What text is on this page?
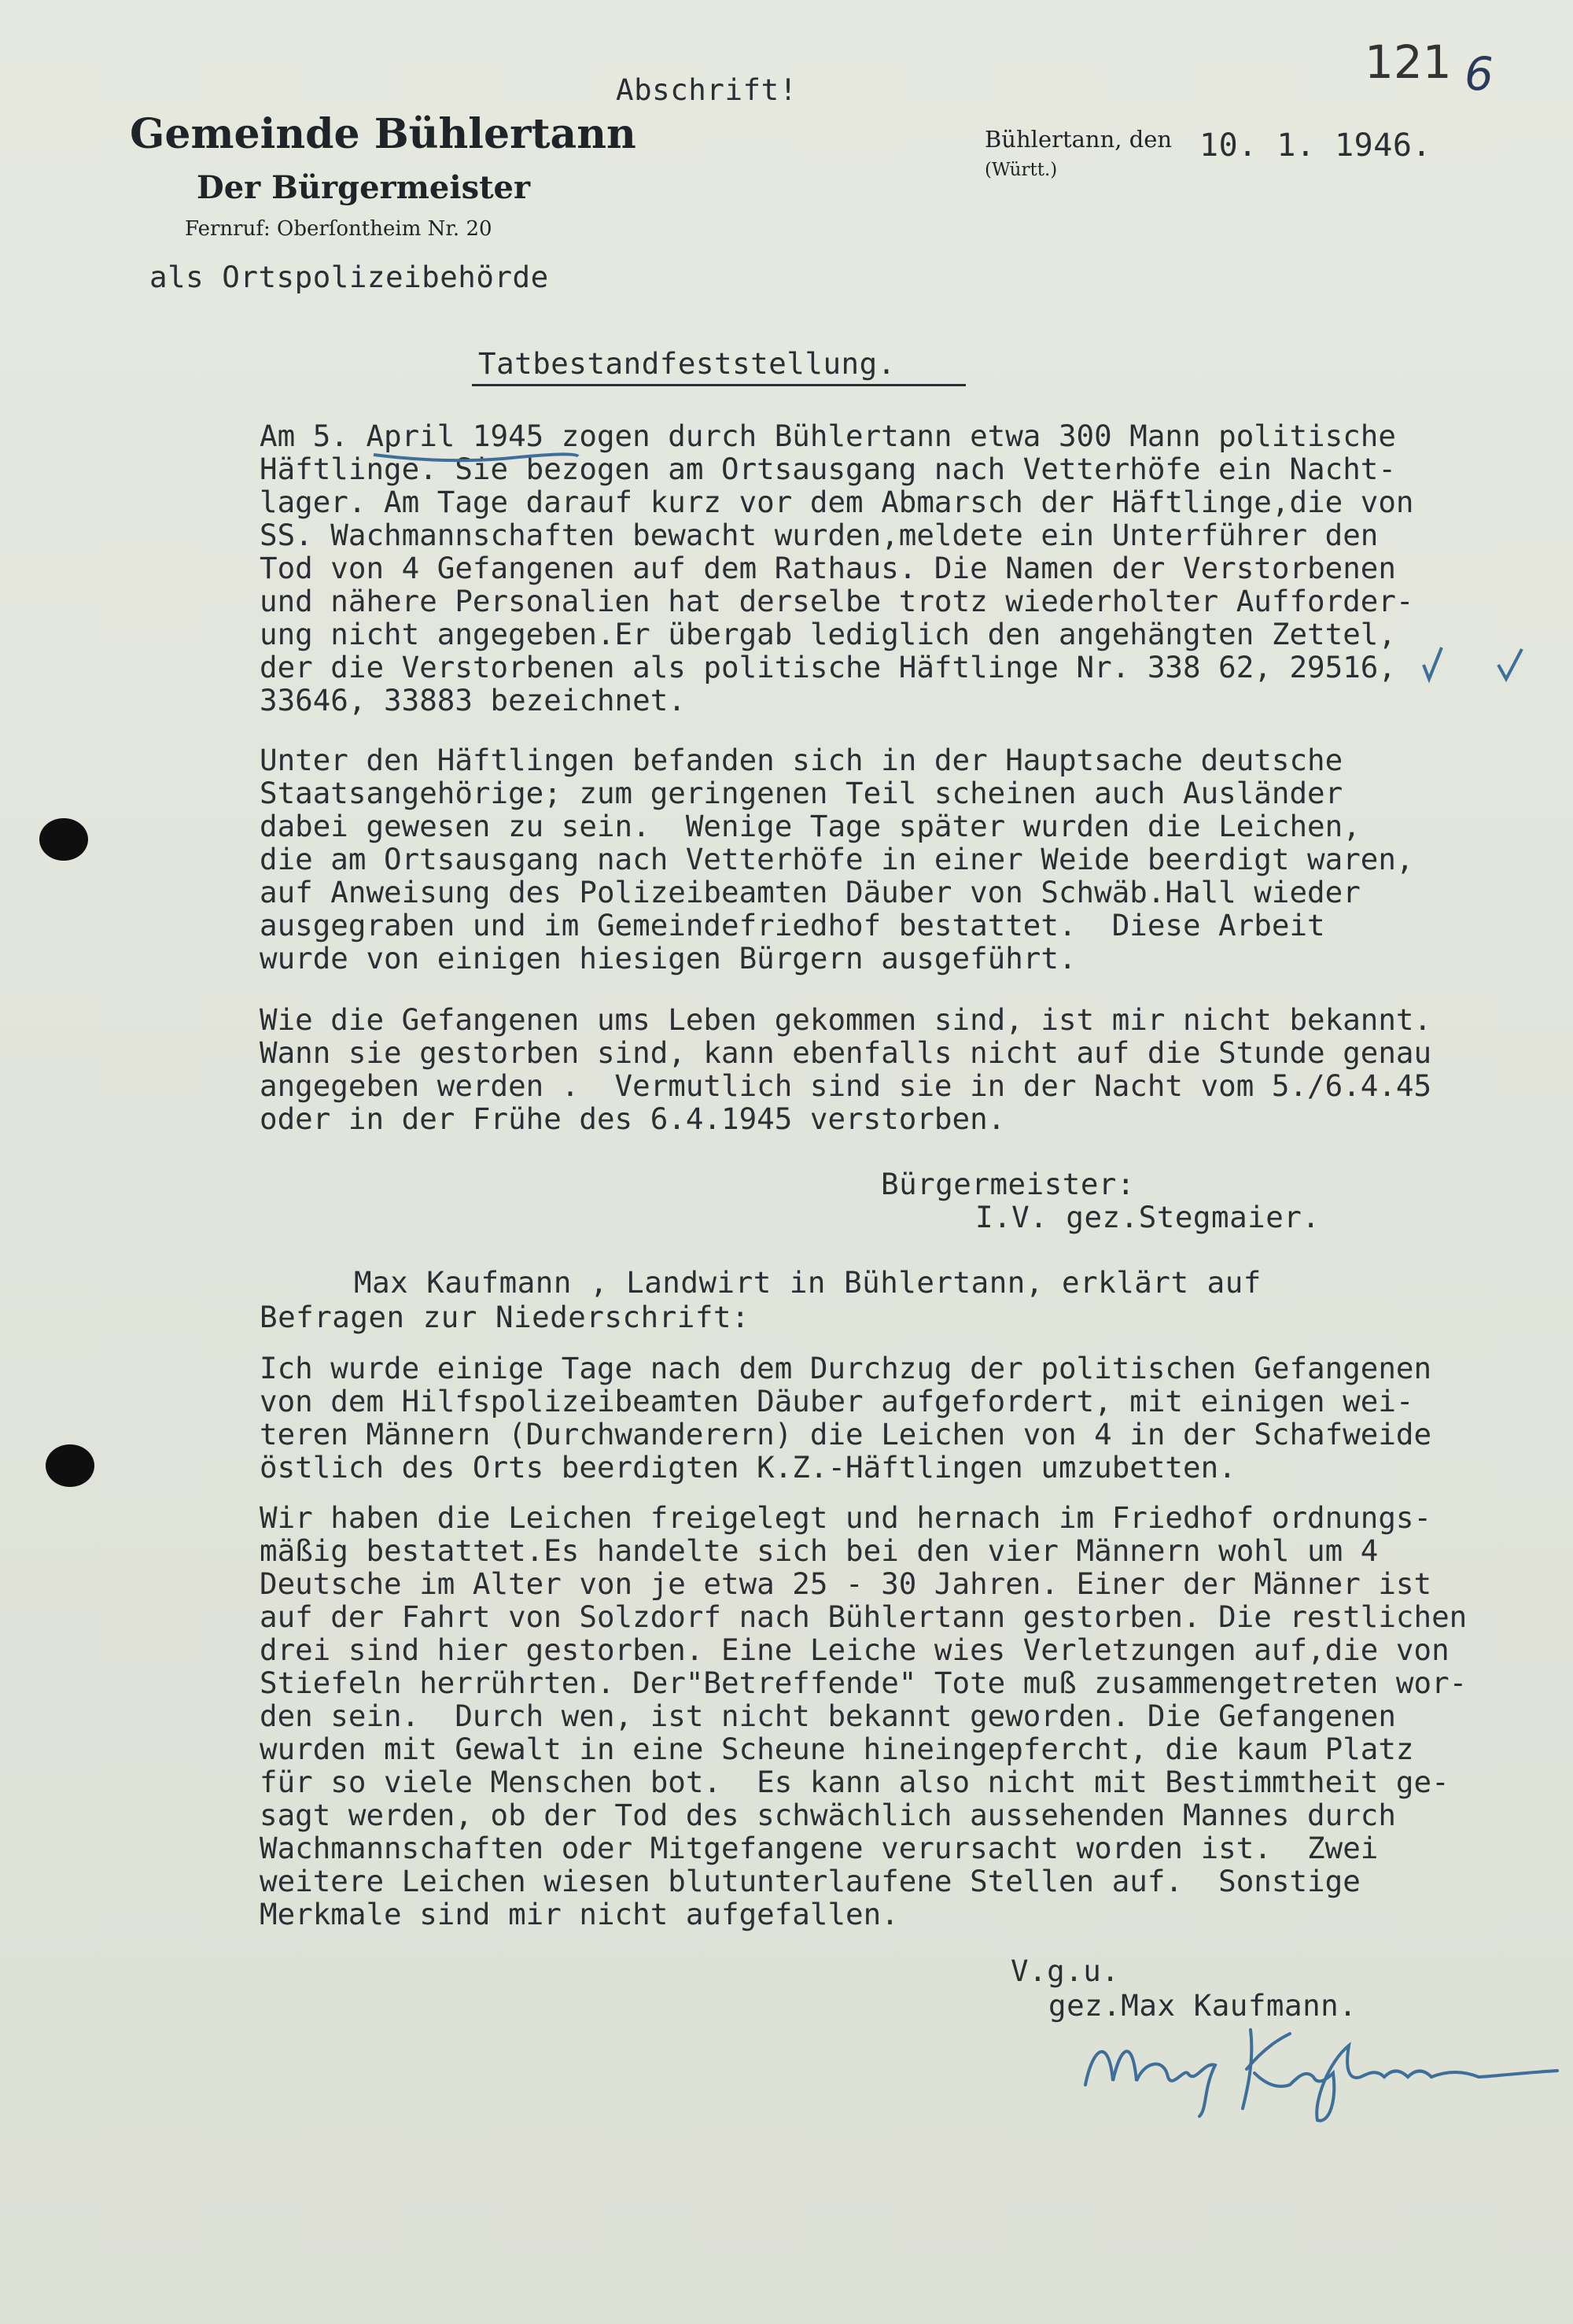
Abschrift!
121 6
Gemeinde Bühlertann
Der Bürgermeister
Fernruf: Oberſontheim Nr. 20
als Ortspolizeibehörde
Bühlertann, den
(Württ.)
10. 1. 1946.
Tatbestandfeststellung.
Am 5. April 1945 zogen durch Bühlertann etwa 300 Mann politische
Häftlinge. Sie bezogen am Ortsausgang nach Vetterhöfe ein Nacht-
lager. Am Tage darauf kurz vor dem Abmarsch der Häftlinge,die von
SS. Wachmannschaften bewacht wurden,meldete ein Unterführer den
Tod von 4 Gefangenen auf dem Rathaus. Die Namen der Verstorbenen
und nähere Personalien hat derselbe trotz wiederholter Aufforder-
ung nicht angegeben.Er übergab lediglich den angehängten Zettel,
der die Verstorbenen als politische Häftlinge Nr. 338 62, 29516,
33646, 33883 bezeichnet.
Unter den Häftlingen befanden sich in der Hauptsache deutsche
Staatsangehörige; zum geringenen Teil scheinen auch Ausländer
dabei gewesen zu sein.  Wenige Tage später wurden die Leichen,
die am Ortsausgang nach Vetterhöfe in einer Weide beerdigt waren,
auf Anweisung des Polizeibeamten Däuber von Schwäb.Hall wieder
ausgegraben und im Gemeindefriedhof bestattet.  Diese Arbeit
wurde von einigen hiesigen Bürgern ausgeführt.
Wie die Gefangenen ums Leben gekommen sind, ist mir nicht bekannt.
Wann sie gestorben sind, kann ebenfalls nicht auf die Stunde genau
angegeben werden .  Vermutlich sind sie in der Nacht vom 5./6.4.45
oder in der Frühe des 6.4.1945 verstorben.
Bürgermeister:
I.V. gez.Stegmaier.
Max Kaufmann , Landwirt in Bühlertann, erklärt auf
Befragen zur Niederschrift:
Ich wurde einige Tage nach dem Durchzug der politischen Gefangenen
von dem Hilfspolizeibeamten Däuber aufgefordert, mit einigen wei-
teren Männern (Durchwanderern) die Leichen von 4 in der Schafweide
östlich des Orts beerdigten K.Z.-Häftlingen umzubetten.
Wir haben die Leichen freigelegt und hernach im Friedhof ordnungs-
mäßig bestattet.Es handelte sich bei den vier Männern wohl um 4
Deutsche im Alter von je etwa 25 - 30 Jahren. Einer der Männer ist
auf der Fahrt von Solzdorf nach Bühlertann gestorben. Die restlichen
drei sind hier gestorben. Eine Leiche wies Verletzungen auf,die von
Stiefeln herrührten. Der"Betreffende" Tote muß zusammengetreten wor-
den sein.  Durch wen, ist nicht bekannt geworden. Die Gefangenen
wurden mit Gewalt in eine Scheune hineingepfercht, die kaum Platz
für so viele Menschen bot.  Es kann also nicht mit Bestimmtheit ge-
sagt werden, ob der Tod des schwächlich aussehenden Mannes durch
Wachmannschaften oder Mitgefangene verursacht worden ist.  Zwei
weitere Leichen wiesen blutunterlaufene Stellen auf.  Sonstige
Merkmale sind mir nicht aufgefallen.
V.g.u.
gez.Max Kaufmann.
